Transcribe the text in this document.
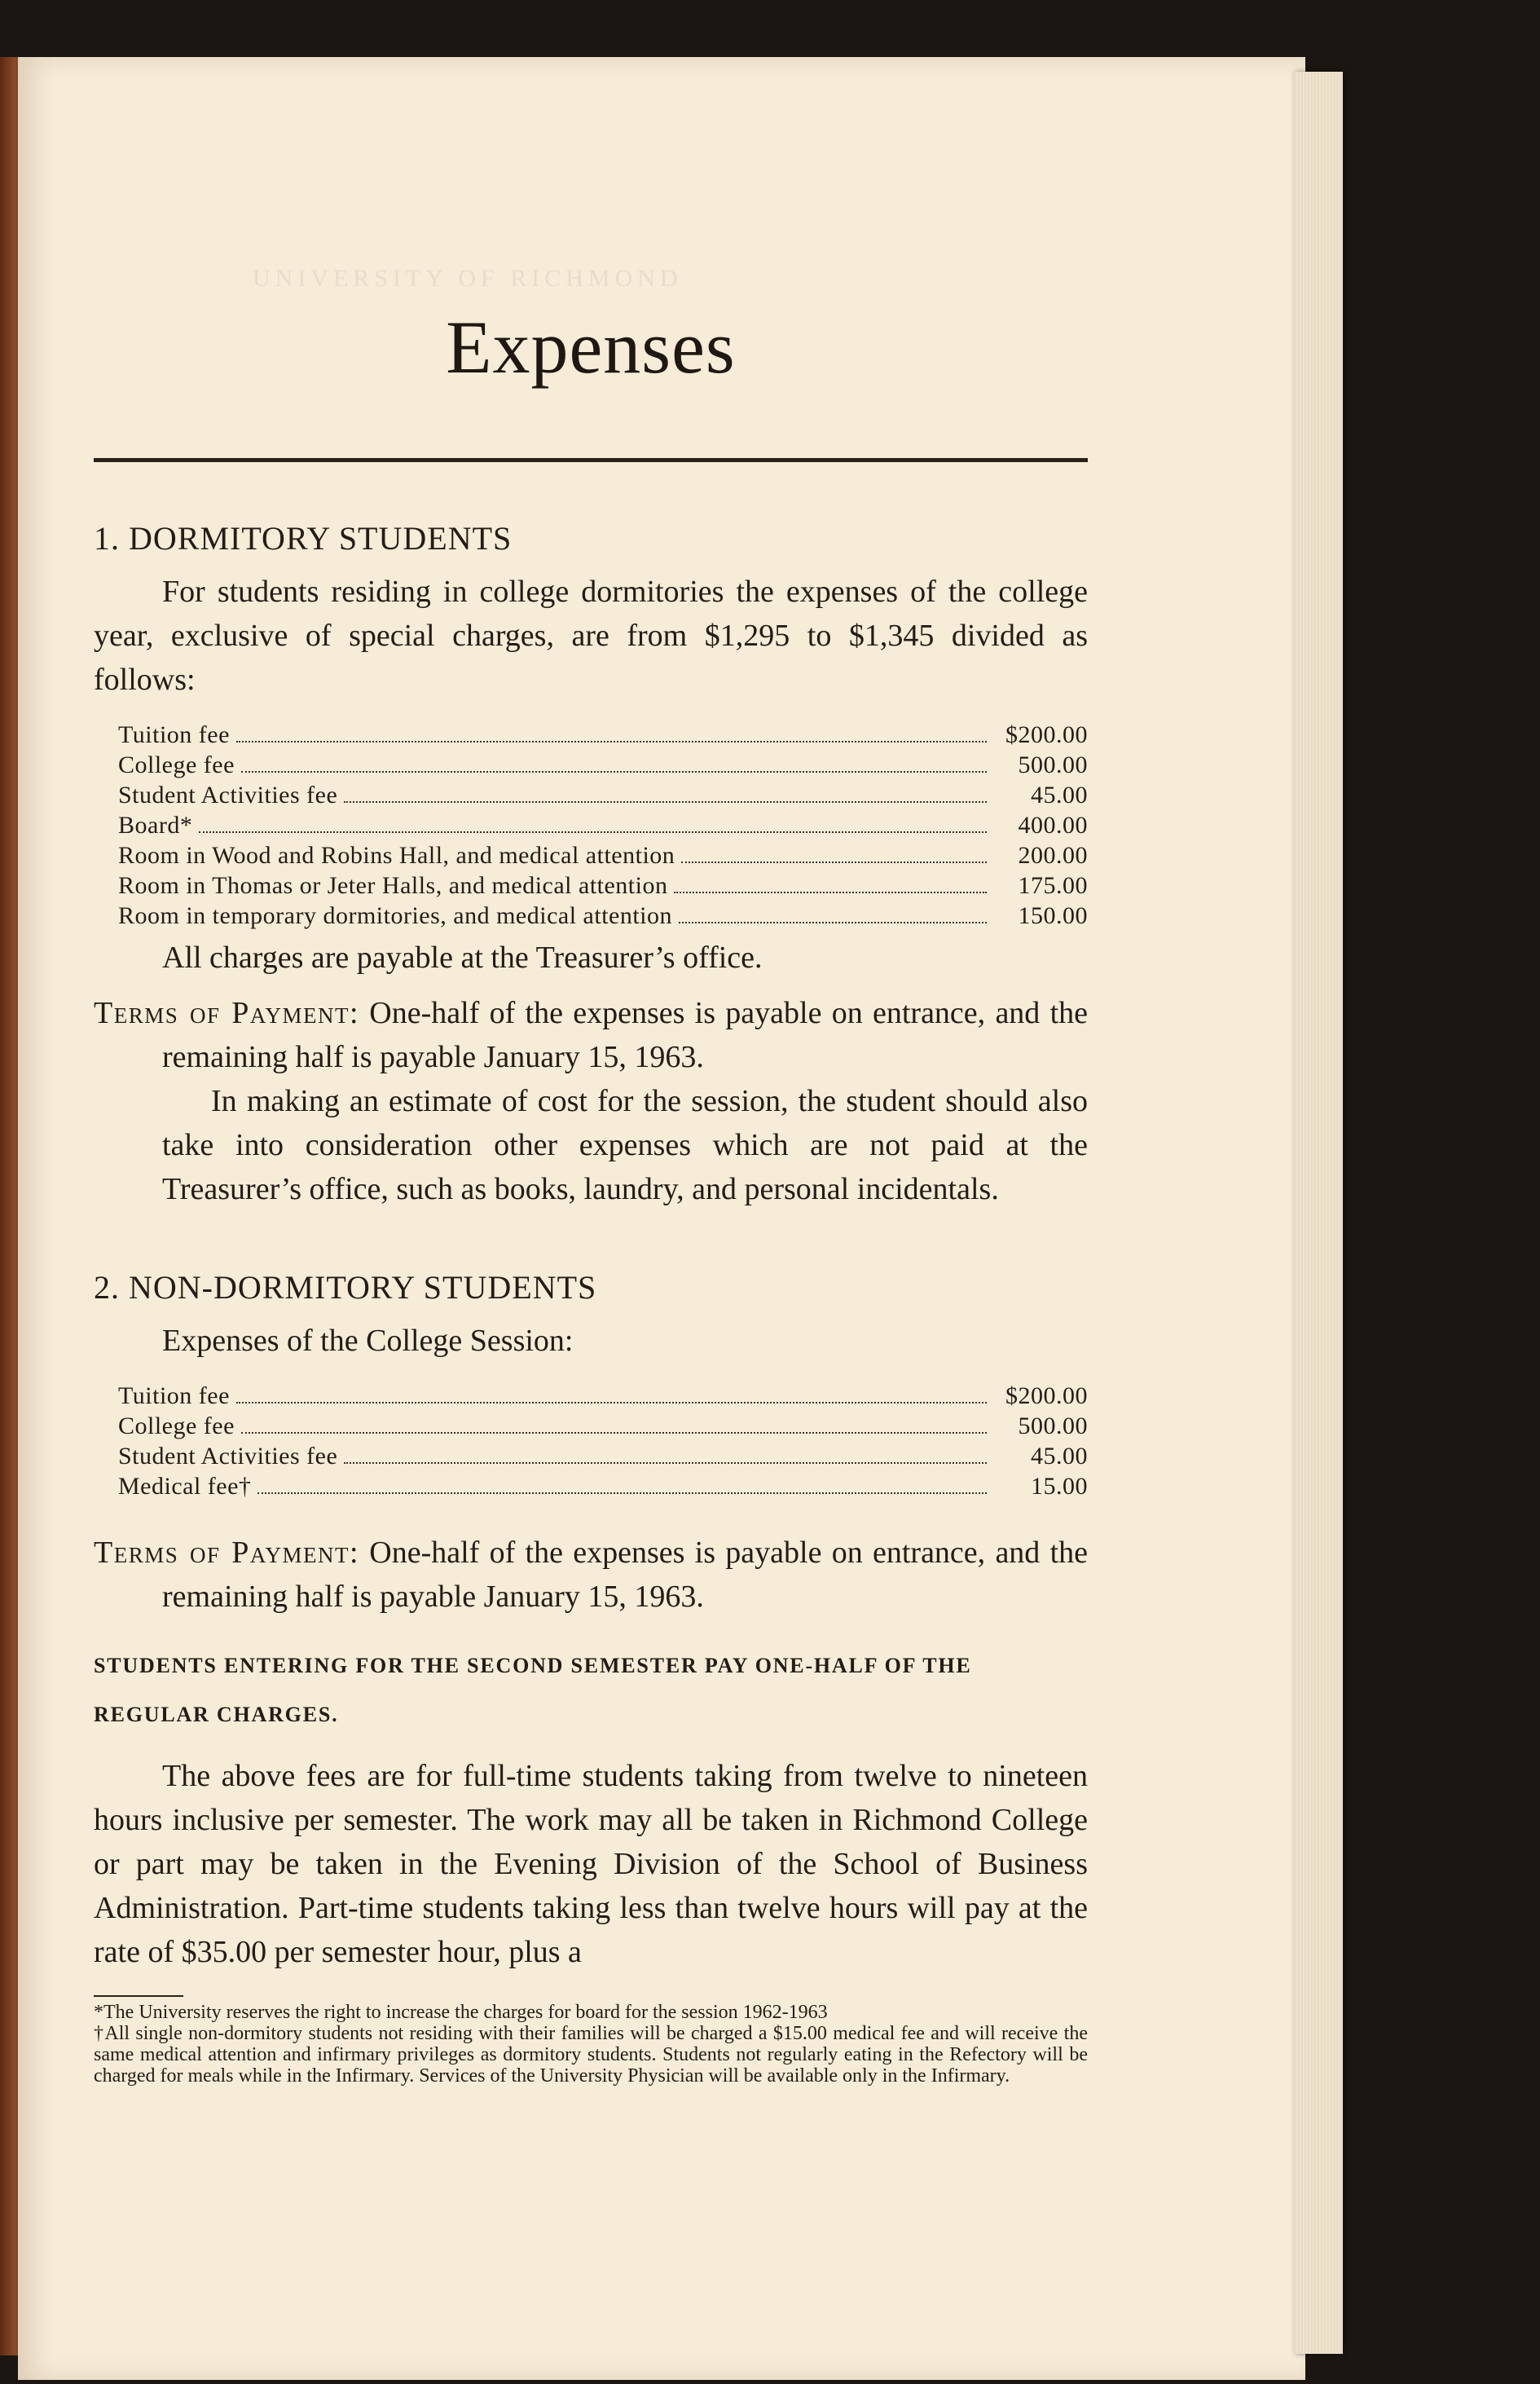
UNIVERSITY OF RICHMOND
Expenses
1. DORMITORY STUDENTS

For students residing in college dormitories the expenses of the college year, exclusive of special charges, are from $1,295 to $1,345 divided as follows:

Tuition fee	$200.00
College fee	500.00
Student Activities fee	45.00
Board*	400.00
Room in Wood and Robins Hall, and medical attention	200.00
Room in Thomas or Jeter Halls, and medical attention	175.00
Room in temporary dormitories, and medical attention	150.00

All charges are payable at the Treasurer’s office.

Terms of Payment: One-half of the expenses is payable on entrance, and the remaining half is payable January 15, 1963.

In making an estimate of cost for the session, the student should also take into consideration other expenses which are not paid at the Treasurer’s office, such as books, laundry, and personal incidentals.

2. NON-DORMITORY STUDENTS

Expenses of the College Session:

Tuition fee	$200.00
College fee	500.00
Student Activities fee	45.00
Medical fee†	15.00

Terms of Payment: One-half of the expenses is payable on entrance, and the remaining half is payable January 15, 1963.

STUDENTS ENTERING FOR THE SECOND SEMESTER PAY ONE-HALF OF THE REGULAR CHARGES.

The above fees are for full-time students taking from twelve to nineteen hours inclusive per semester. The work may all be taken in Richmond College or part may be taken in the Evening Division of the School of Business Administration. Part-time students taking less than twelve hours will pay at the rate of $35.00 per semester hour, plus a

*The University reserves the right to increase the charges for board for the session 1962-1963

†All single non-dormitory students not residing with their families will be charged a $15.00 medical fee and will receive the same medical attention and infirmary privileges as dormitory students. Students not regularly eating in the Refectory will be charged for meals while in the Infirmary. Services of the University Physician will be available only in the Infirmary.
